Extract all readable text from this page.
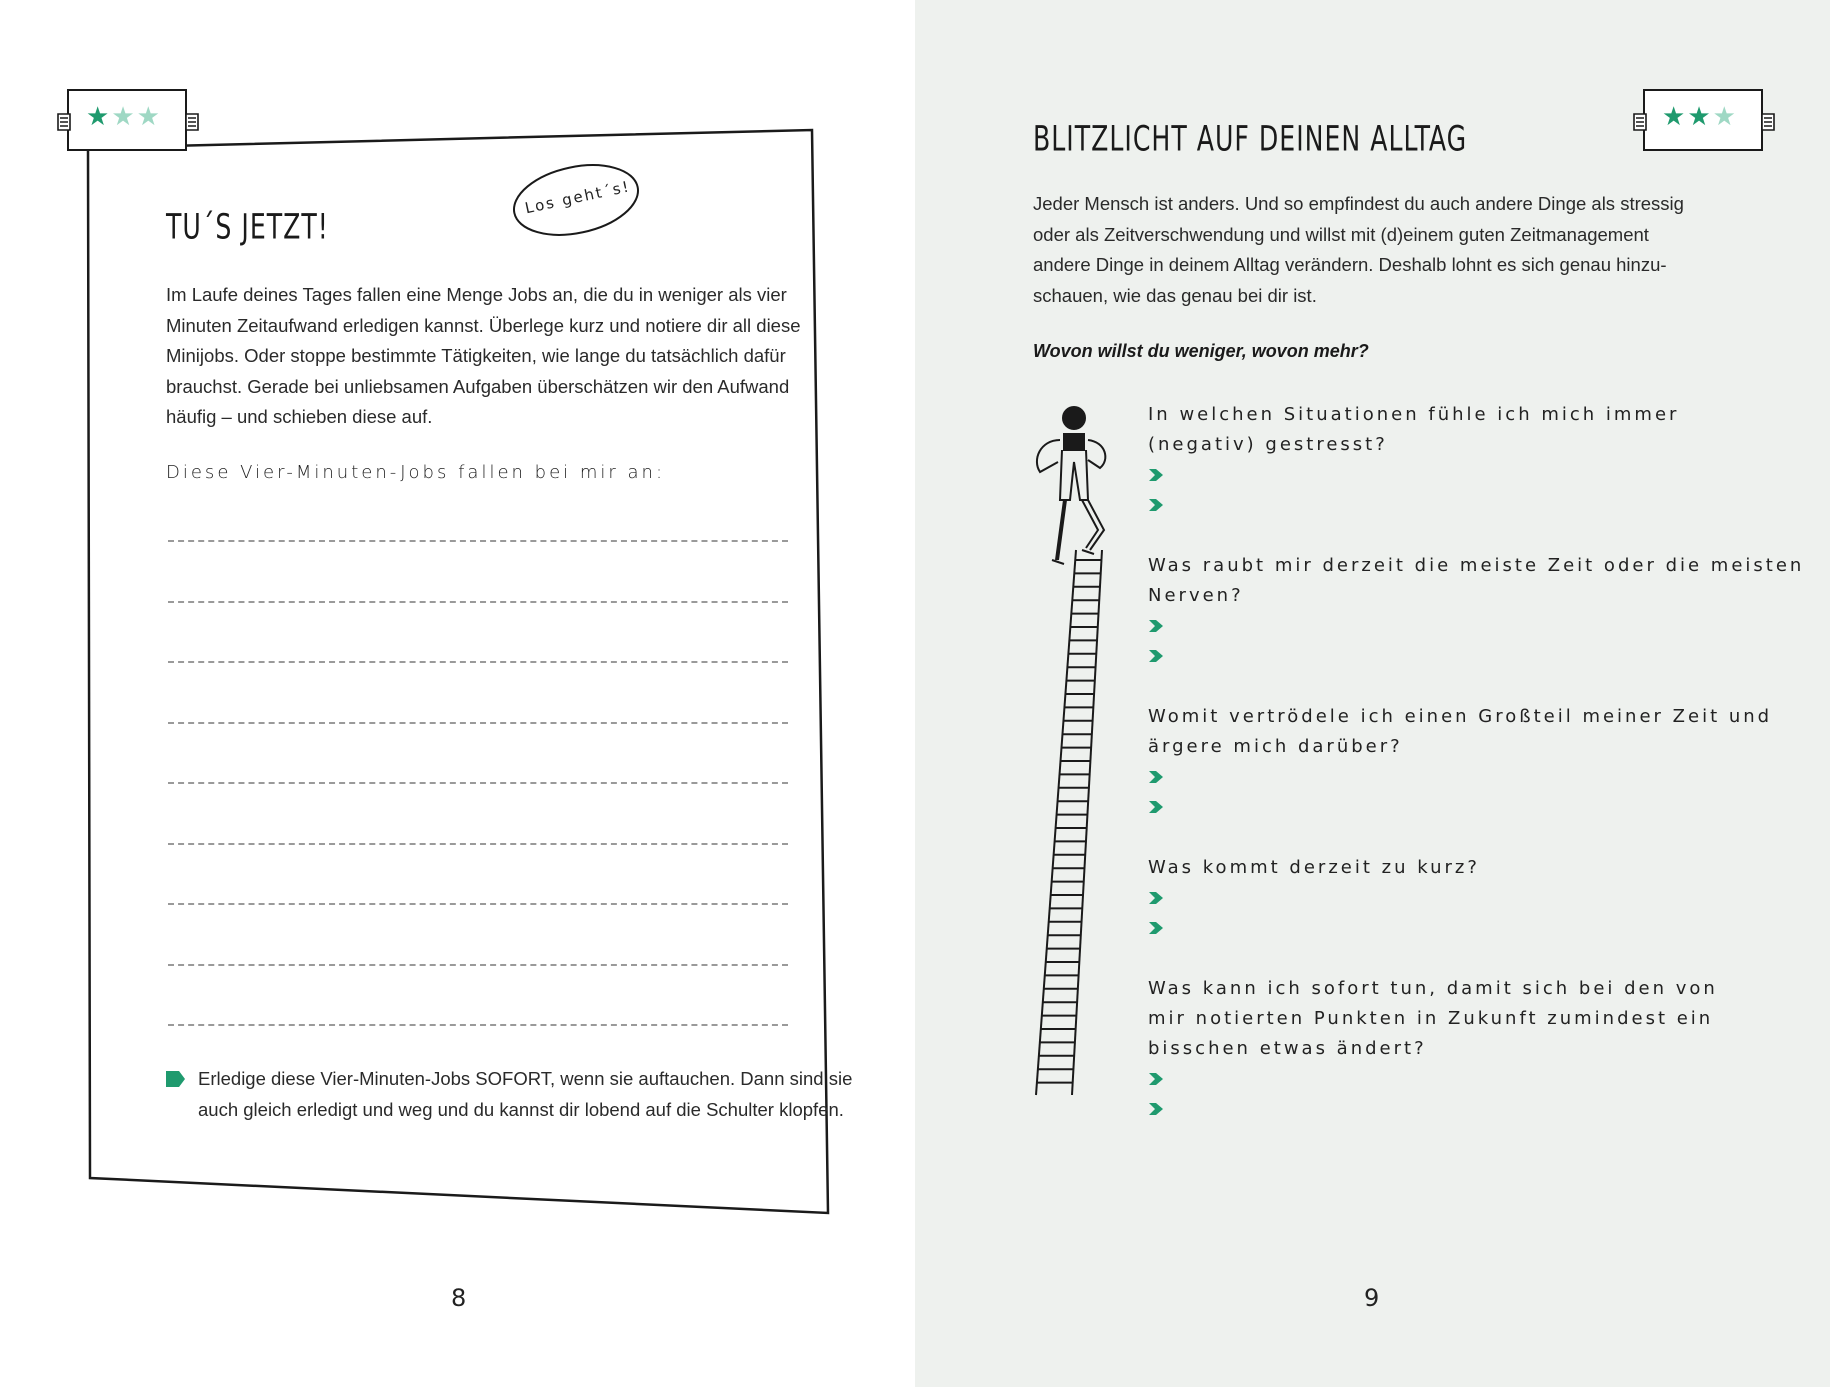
★★★	★★★
Los geht´s!
TU´S JETZT!
Im Laufe deines Tages fallen eine Menge Jobs an, die du in weniger als vier
Minuten Zeitaufwand erledigen kannst. Überlege kurz und notiere dir all diese
Minijobs. Oder stoppe bestimmte Tätigkeiten, wie lange du tatsächlich dafür
brauchst. Gerade bei unliebsamen Aufgaben überschätzen wir den Aufwand
häufig – und schieben diese auf.
Diese Vier-Minuten-Jobs fallen bei mir an:
Erledige diese Vier-Minuten-Jobs SOFORT, wenn sie auftauchen. Dann sind sie
auch gleich erledigt und weg und du kannst dir lobend auf die Schulter klopfen.
8
BLITZLICHT AUF DEINEN ALLTAG
Jeder Mensch ist anders. Und so empfindest du auch andere Dinge als stressig
oder als Zeitverschwendung und willst mit (d)einem guten Zeitmanagement
andere Dinge in deinem Alltag verändern. Deshalb lohnt es sich genau hinzu-
schauen, wie das genau bei dir ist.
Wovon willst du weniger, wovon mehr?
In welchen Situationen fühle ich mich immer
(negativ) gestresst?
Was raubt mir derzeit die meiste Zeit oder die meisten
Nerven?
Womit vertrödele ich einen Großteil meiner Zeit und
ärgere mich darüber?
Was kommt derzeit zu kurz?
Was kann ich sofort tun, damit sich bei den von
mir notierten Punkten in Zukunft zumindest ein
bisschen etwas ändert?
9
